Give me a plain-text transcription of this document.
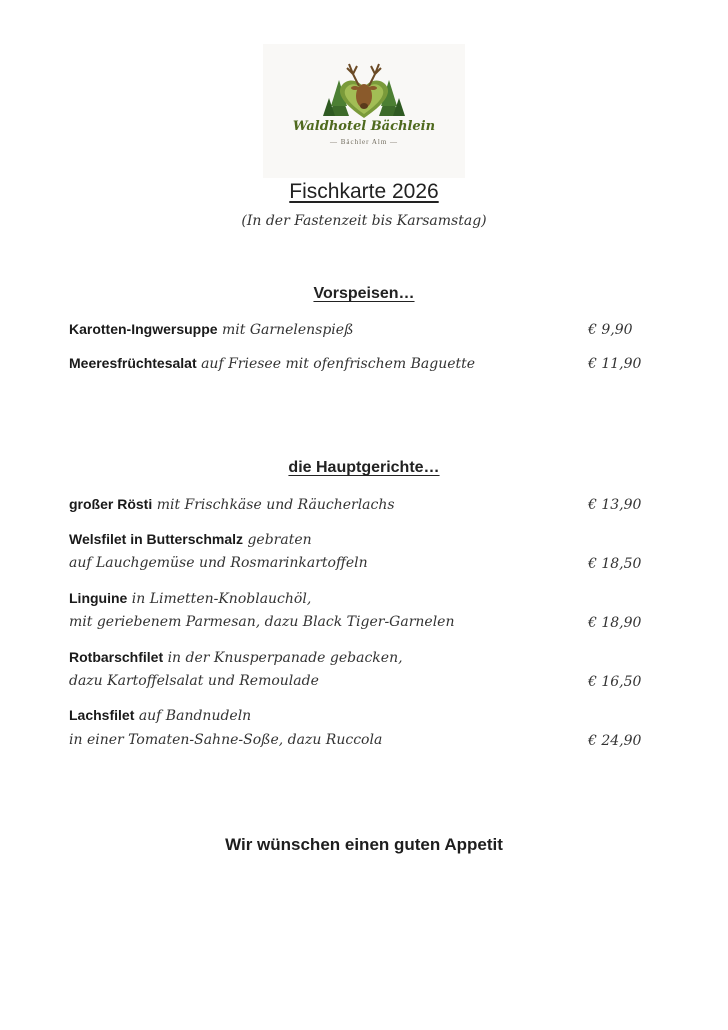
Waldhotel Bächlein
— Bächler Alm —
Fischkarte 2026
(In der Fastenzeit bis Karsamstag)
Vorspeisen…
Karotten-Ingwersuppe mit Garnelenspieß	€ 9,90
Meeresfrüchtesalat auf Friesee mit ofenfrischem Baguette	€ 11,90
die Hauptgerichte…
großer Rösti mit Frischkäse und Räucherlachs	€ 13,90
Welsfilet in Butterschmalz gebraten
auf Lauchgemüse und Rosmarinkartoffeln	€ 18,50
Linguine in Limetten-Knoblauchöl,
mit geriebenem Parmesan, dazu Black Tiger-Garnelen	€ 18,90
Rotbarschfilet in der Knusperpanade gebacken,
dazu Kartoffelsalat und Remoulade	€ 16,50
Lachsfilet auf Bandnudeln
in einer Tomaten-Sahne-Soße, dazu Ruccola	€ 24,90
Wir wünschen einen guten Appetit
